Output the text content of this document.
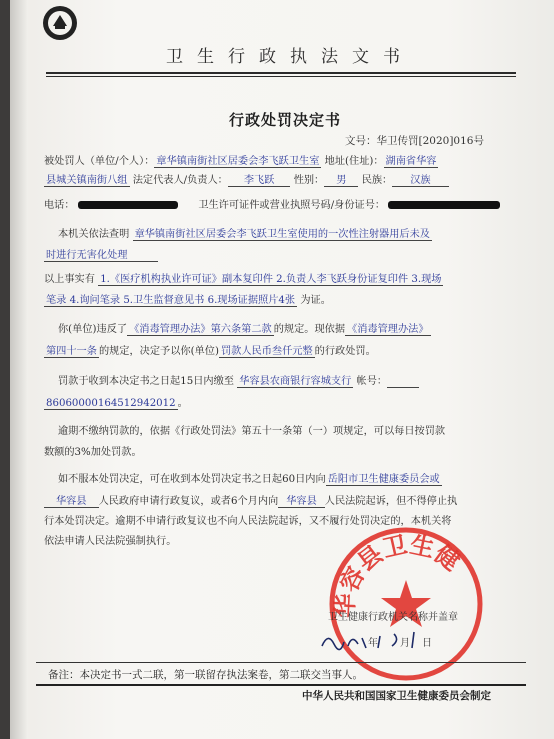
卫生行政执法文书
行政处罚决定书
文号：华卫传罚[2020]016号
被处罚人（单位/个人）： 章华镇南街社区居委会李飞跃卫生室 地址(住址)： 湖南省华容
县城关镇南街八组 法定代表人/负责人： 李飞跃 性别： 男 民族： 汉族
电话：	卫生许可证件或营业执照号码/身份证号：
本机关依法查明 章华镇南街社区居委会李飞跃卫生室使用的一次性注射器用后未及
时进行无害化处理
以上事实有 1.《医疗机构执业许可证》副本复印件 2.负责人李飞跃身份证复印件 3.现场
笔录 4.询问笔录 5.卫生监督意见书 6.现场证据照片4张 为证。
你(单位)违反了 《消毒管理办法》第六条第二款 的规定。现依据 《消毒管理办法》
第四十一条 的规定，决定予以你(单位) 罚款人民币叁仟元整 的行政处罚。
罚款于收到本决定书之日起15日内缴至 华容县农商银行容城支行 帐号：
86060000164512942012 。
逾期不缴纳罚款的，依据《行政处罚法》第五十一条第（一）项规定，可以每日按罚款
数额的3%加处罚款。
如不服本处罚决定，可在收到本处罚决定书之日起60日内向 岳阳市卫生健康委员会或
华容县 人民政府申请行政复议，或者6个月内向 华容县 人民法院起诉，但不得停止执
行本处罚决定。逾期不申请行政复议也不向人民法院起诉，又不履行处罚决定的，本机关将
依法申请人民法院强制执行。
华容县卫生健
卫生健康行政机关名称并盖章
年 月 日
备注：本决定书一式二联，第一联留存执法案卷，第二联交当事人。
中华人民共和国国家卫生健康委员会制定
